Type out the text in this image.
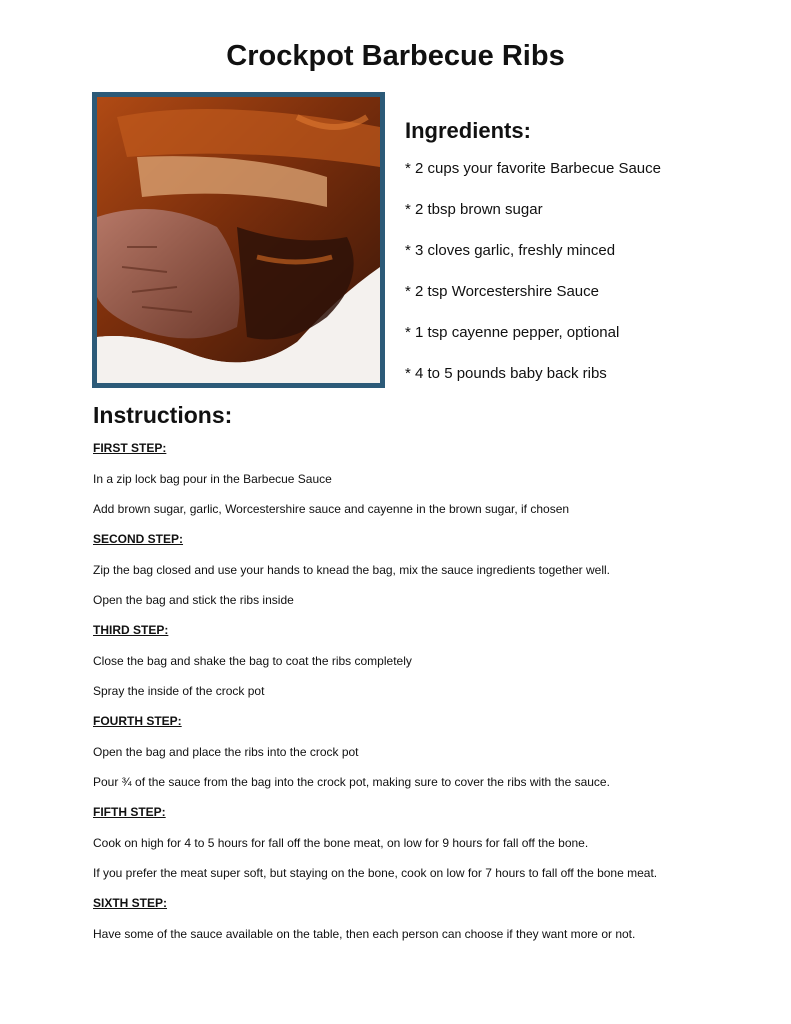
Crockpot Barbecue Ribs
Ingredients:
* 2 cups your favorite Barbecue Sauce
* 2 tbsp brown sugar
* 3 cloves garlic, freshly minced
* 2 tsp Worcestershire Sauce
* 1 tsp cayenne pepper, optional
* 4 to 5 pounds baby back ribs
Instructions:

FIRST STEP:

In a zip lock bag pour in the Barbecue Sauce

Add brown sugar, garlic, Worcestershire sauce and cayenne in the brown sugar, if chosen

SECOND STEP:

Zip the bag closed and use your hands to knead the bag, mix the sauce ingredients together well.

Open the bag and stick the ribs inside

THIRD STEP:

Close the bag and shake the bag to coat the ribs completely

Spray the inside of the crock pot

FOURTH STEP:

Open the bag and place the ribs into the crock pot

Pour ¾ of the sauce from the bag into the crock pot, making sure to cover the ribs with the sauce.

FIFTH STEP:

Cook on high for 4 to 5 hours for fall off the bone meat, on low for 9 hours for fall off the bone.

If you prefer the meat super soft, but staying on the bone, cook on low for 7 hours to fall off the bone meat.

SIXTH STEP:

Have some of the sauce available on the table, then each person can choose if they want more or not.
